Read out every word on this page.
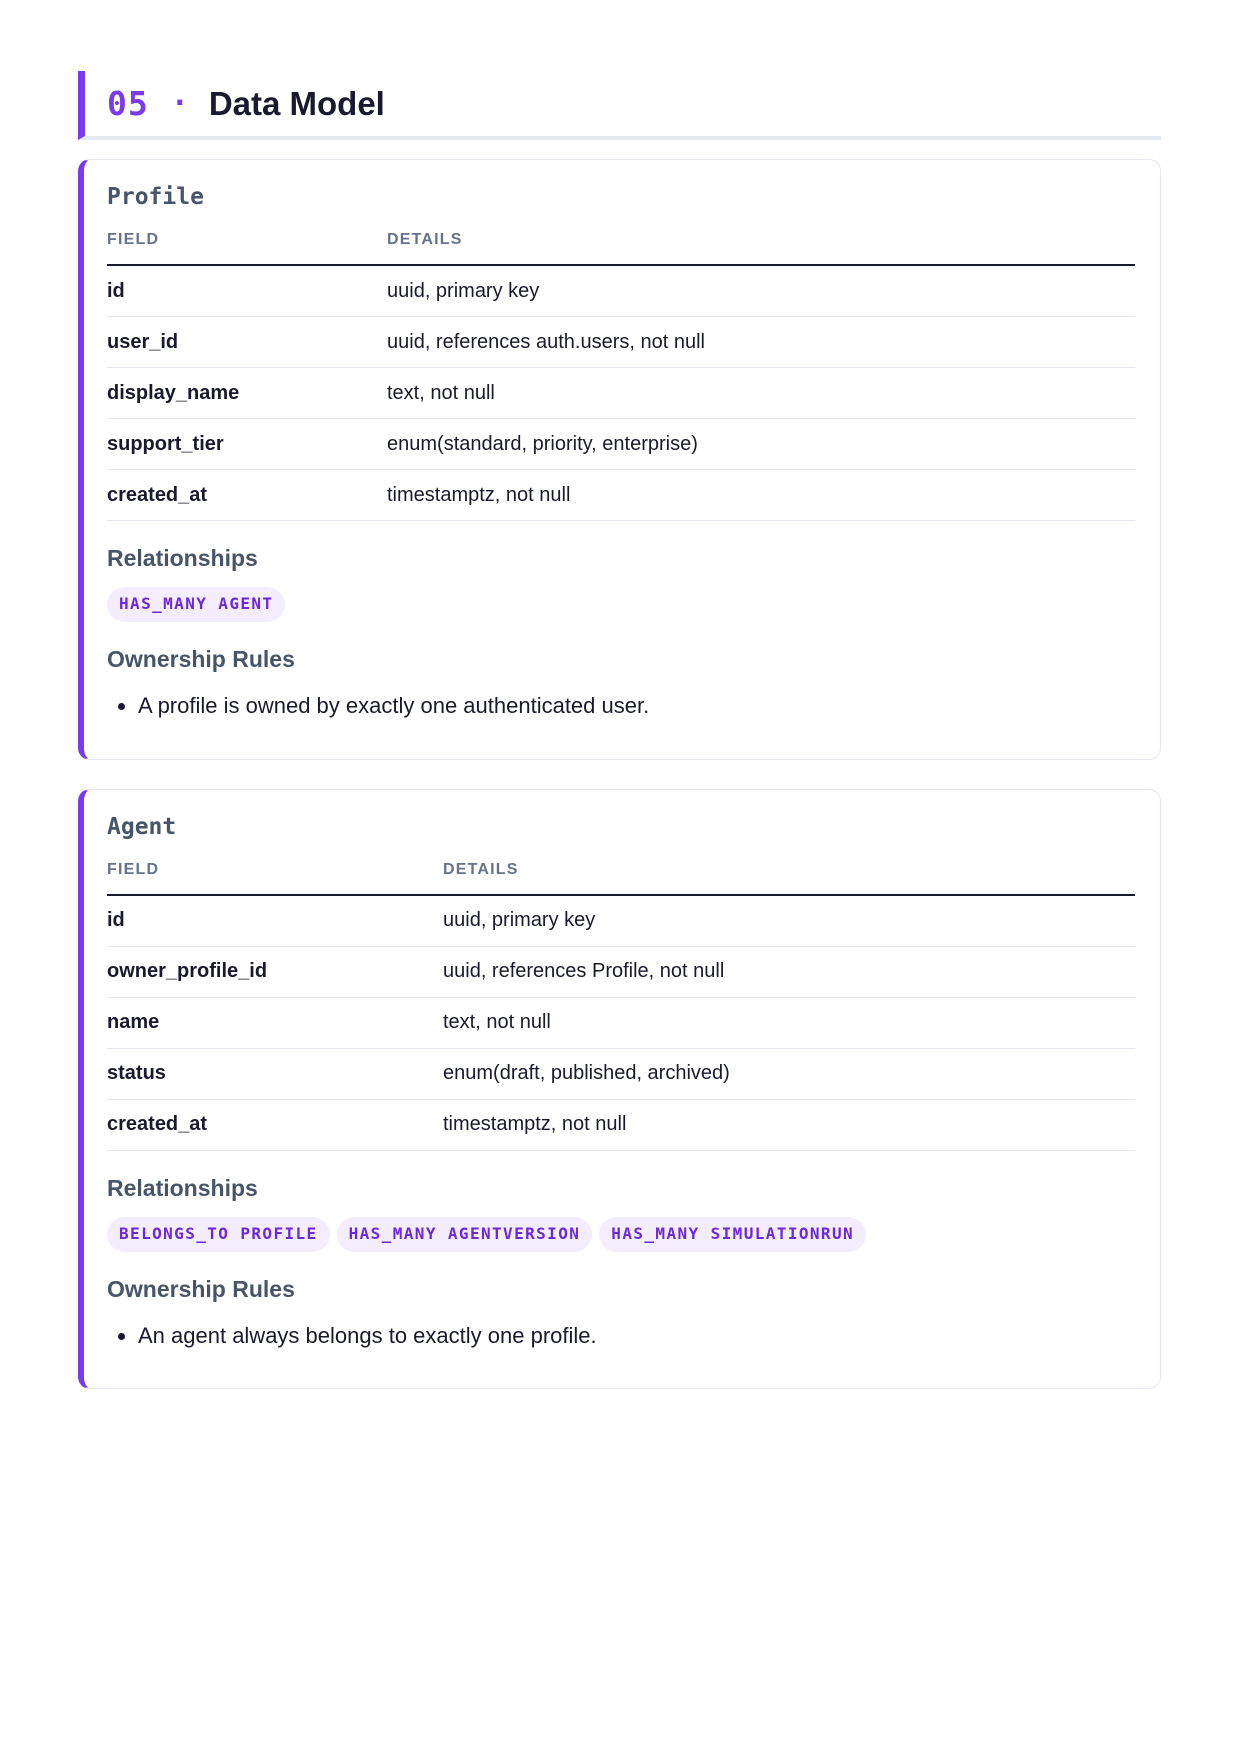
05 · Data Model
Profile
FIELD	DETAILS
id	uuid, primary key
user_id	uuid, references auth.users, not null
display_name	text, not null
support_tier	enum(standard, priority, enterprise)
created_at	timestamptz, not null
Relationships
HAS_MANY AGENT
Ownership Rules
• A profile is owned by exactly one authenticated user.
Agent
FIELD	DETAILS
id	uuid, primary key
owner_profile_id	uuid, references Profile, not null
name	text, not null
status	enum(draft, published, archived)
created_at	timestamptz, not null
Relationships
BELONGS_TO PROFILE	HAS_MANY AGENTVERSION	HAS_MANY SIMULATIONRUN
Ownership Rules
• An agent always belongs to exactly one profile.
